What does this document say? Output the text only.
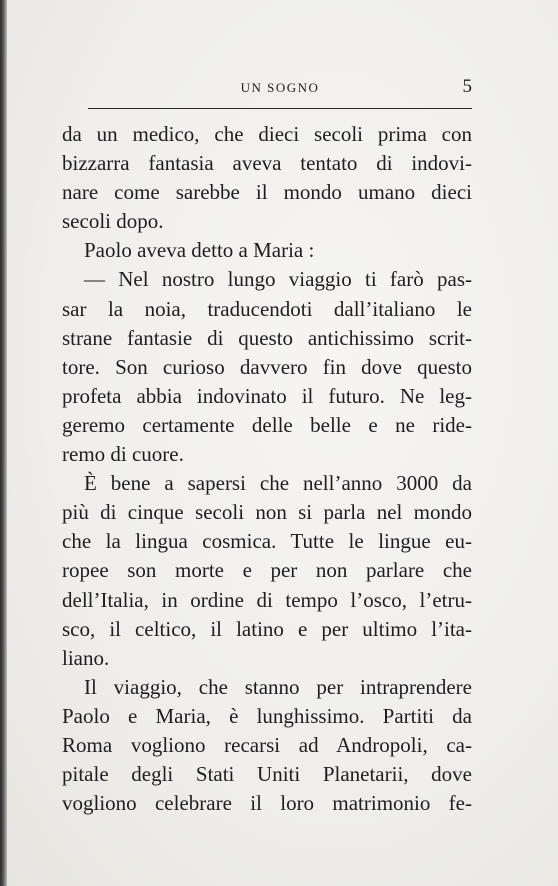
UN SOGNO	5
da un medico, che dieci secoli prima con
bizzarra fantasia aveva tentato di indovi-
nare come sarebbe il mondo umano dieci
secoli dopo.
Paolo aveva detto a Maria :
— Nel nostro lungo viaggio ti farò pas-
sar la noia, traducendoti dall’italiano le
strane fantasie di questo antichissimo scrit-
tore. Son curioso davvero fin dove questo
profeta abbia indovinato il futuro. Ne leg-
geremo certamente delle belle e ne ride-
remo di cuore.
È bene a sapersi che nell’anno 3000 da
più di cinque secoli non si parla nel mondo
che la lingua cosmica. Tutte le lingue eu-
ropee son morte e per non parlare che
dell’Italia, in ordine di tempo l’osco, l’etru-
sco, il celtico, il latino e per ultimo l’ita-
liano.
Il viaggio, che stanno per intraprendere
Paolo e Maria, è lunghissimo. Partiti da
Roma vogliono recarsi ad Andropoli, ca-
pitale degli Stati Uniti Planetarii, dove
vogliono celebrare il loro matrimonio fe-
